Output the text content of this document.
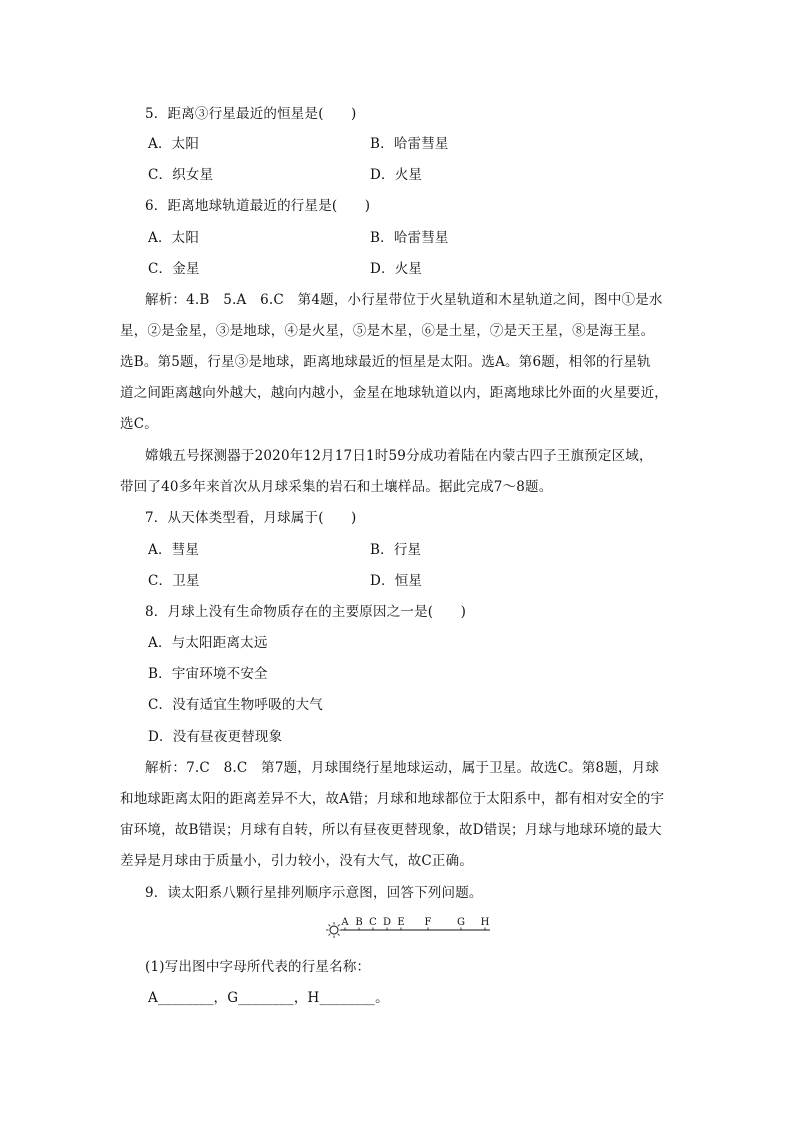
5．距离③行星最近的恒星是(　　)
A．太阳	B．哈雷彗星
C．织女星	D．火星
6．距离地球轨道最近的行星是(　　)
A．太阳	B．哈雷彗星
C．金星	D．火星
解析：4.B　5.A　6.C　第4题，小行星带位于火星轨道和木星轨道之间，图中①是水
星，②是金星，③是地球，④是火星，⑤是木星，⑥是土星，⑦是天王星，⑧是海王星。
选B。第5题，行星③是地球，距离地球最近的恒星是太阳。选A。第6题，相邻的行星轨
道之间距离越向外越大，越向内越小，金星在地球轨道以内，距离地球比外面的火星要近，
选C。
嫦娥五号探测器于2020年12月17日1时59分成功着陆在内蒙古四子王旗预定区域，
带回了40多年来首次从月球采集的岩石和土壤样品。据此完成7～8题。
7．从天体类型看，月球属于(　　)
A．彗星	B．行星
C．卫星	D．恒星
8．月球上没有生命物质存在的主要原因之一是(　　)
A．与太阳距离太远
B．宇宙环境不安全
C．没有适宜生物呼吸的大气
D．没有昼夜更替现象
解析：7.C　8.C　第7题，月球围绕行星地球运动，属于卫星。故选C。第8题，月球
和地球距离太阳的距离差异不大，故A错；月球和地球都位于太阳系中，都有相对安全的宇
宙环境，故B错误；月球有自转，所以有昼夜更替现象，故D错误；月球与地球环境的最大
差异是月球由于质量小，引力较小，没有大气，故C正确。
9．读太阳系八颗行星排列顺序示意图，回答下列问题。
A B C D E F	G H
(1)写出图中字母所代表的行星名称：
A________，G________，H________。
